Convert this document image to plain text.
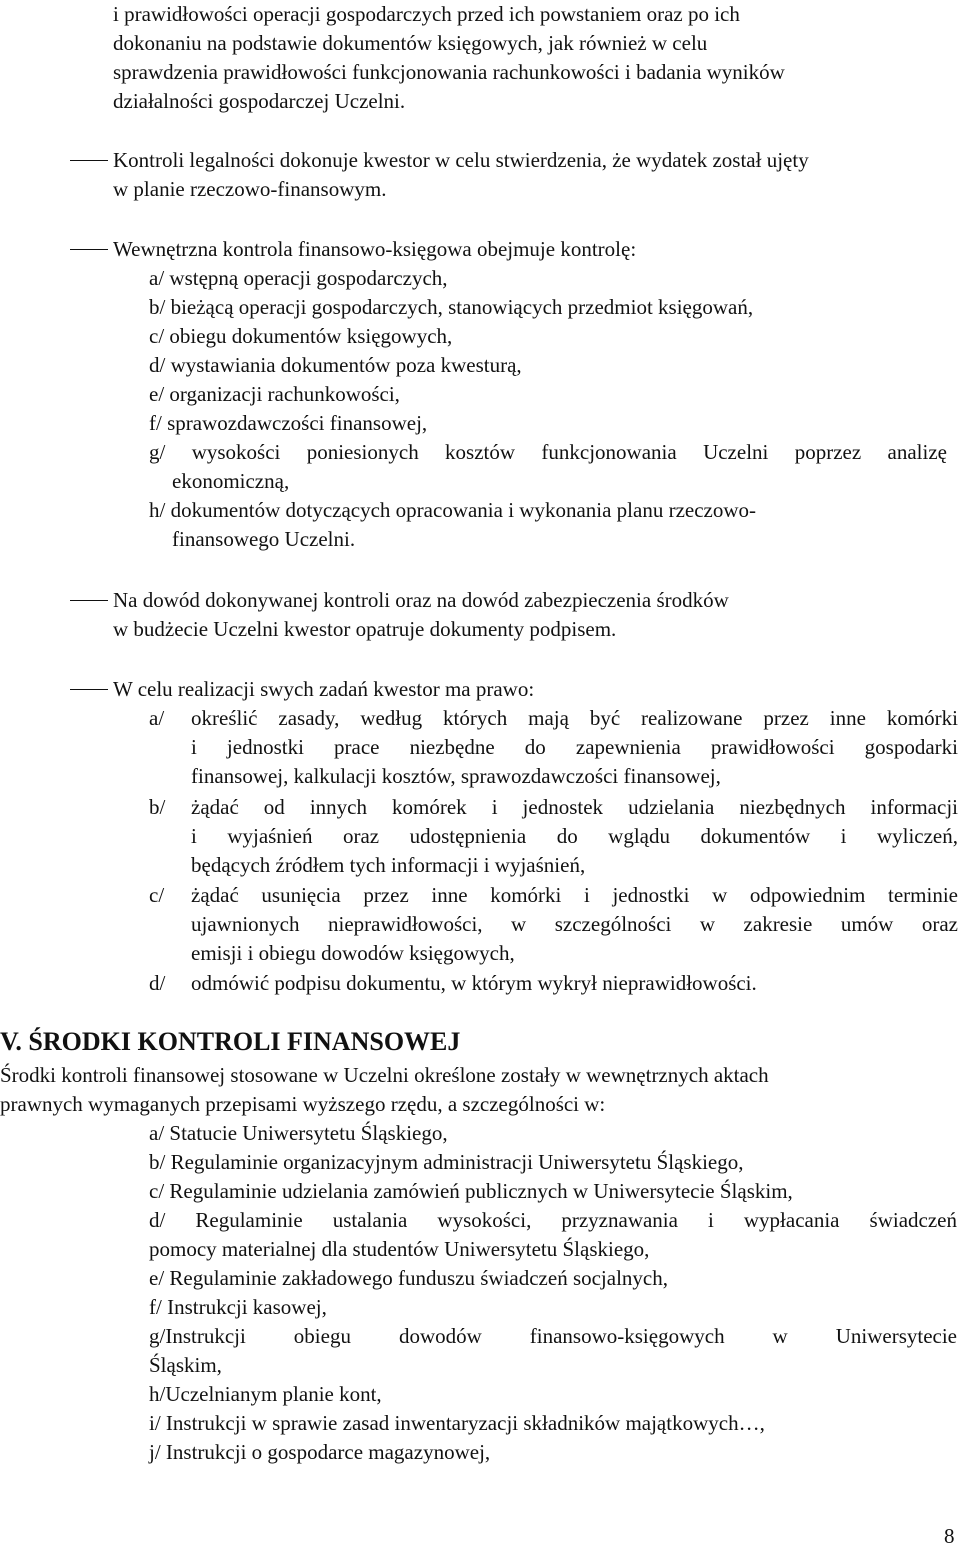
i prawidłowości operacji gospodarczych przed ich powstaniem oraz po ich
dokonaniu na podstawie dokumentów księgowych, jak również w celu
sprawdzenia prawidłowości funkcjonowania rachunkowości i badania wyników
działalności gospodarczej Uczelni.
Kontroli legalności dokonuje kwestor w celu stwierdzenia, że wydatek został ujęty
w planie rzeczowo-finansowym.
Wewnętrzna kontrola finansowo-księgowa obejmuje kontrolę:
a/ wstępną operacji gospodarczych,
b/ bieżącą operacji gospodarczych, stanowiących przedmiot księgowań,
c/ obiegu dokumentów księgowych,
d/ wystawiania dokumentów poza kwesturą,
e/ organizacji rachunkowości,
f/ sprawozdawczości finansowej,
g/ wysokości poniesionych kosztów funkcjonowania Uczelni poprzez analizę
ekonomiczną,
h/ dokumentów dotyczących opracowania i wykonania planu rzeczowo-
finansowego Uczelni.
Na dowód dokonywanej kontroli oraz na dowód zabezpieczenia środków
w budżecie Uczelni kwestor opatruje dokumenty podpisem.
W celu realizacji swych zadań kwestor ma prawo:
a/ określić zasady, według których mają być realizowane przez inne komórki
i jednostki prace niezbędne do zapewnienia prawidłowości gospodarki
finansowej, kalkulacji kosztów, sprawozdawczości finansowej,
b/ żądać od innych komórek i jednostek udzielania niezbędnych informacji
i wyjaśnień oraz udostępnienia do wglądu dokumentów i wyliczeń,
będących źródłem tych informacji i wyjaśnień,
c/ żądać usunięcia przez inne komórki i jednostki w odpowiednim terminie
ujawnionych nieprawidłowości, w szczególności w zakresie umów oraz
emisji i obiegu dowodów księgowych,
d/ odmówić podpisu dokumentu, w którym wykrył nieprawidłowości.
V. ŚRODKI KONTROLI FINANSOWEJ
Środki kontroli finansowej stosowane w Uczelni określone zostały w wewnętrznych aktach
prawnych wymaganych przepisami wyższego rzędu, a szczególności w:
a/ Statucie Uniwersytetu Śląskiego,
b/ Regulaminie organizacyjnym administracji Uniwersytetu Śląskiego,
c/ Regulaminie udzielania zamówień publicznych w Uniwersytecie Śląskim,
d/ Regulaminie ustalania wysokości, przyznawania i wypłacania świadczeń
pomocy materialnej dla studentów Uniwersytetu Śląskiego,
e/ Regulaminie zakładowego funduszu świadczeń socjalnych,
f/ Instrukcji kasowej,
g/Instrukcji obiegu dowodów finansowo-księgowych w Uniwersytecie
Śląskim,
h/Uczelnianym planie kont,
i/ Instrukcji w sprawie zasad inwentaryzacji składników majątkowych…,
j/ Instrukcji o gospodarce magazynowej,
8
